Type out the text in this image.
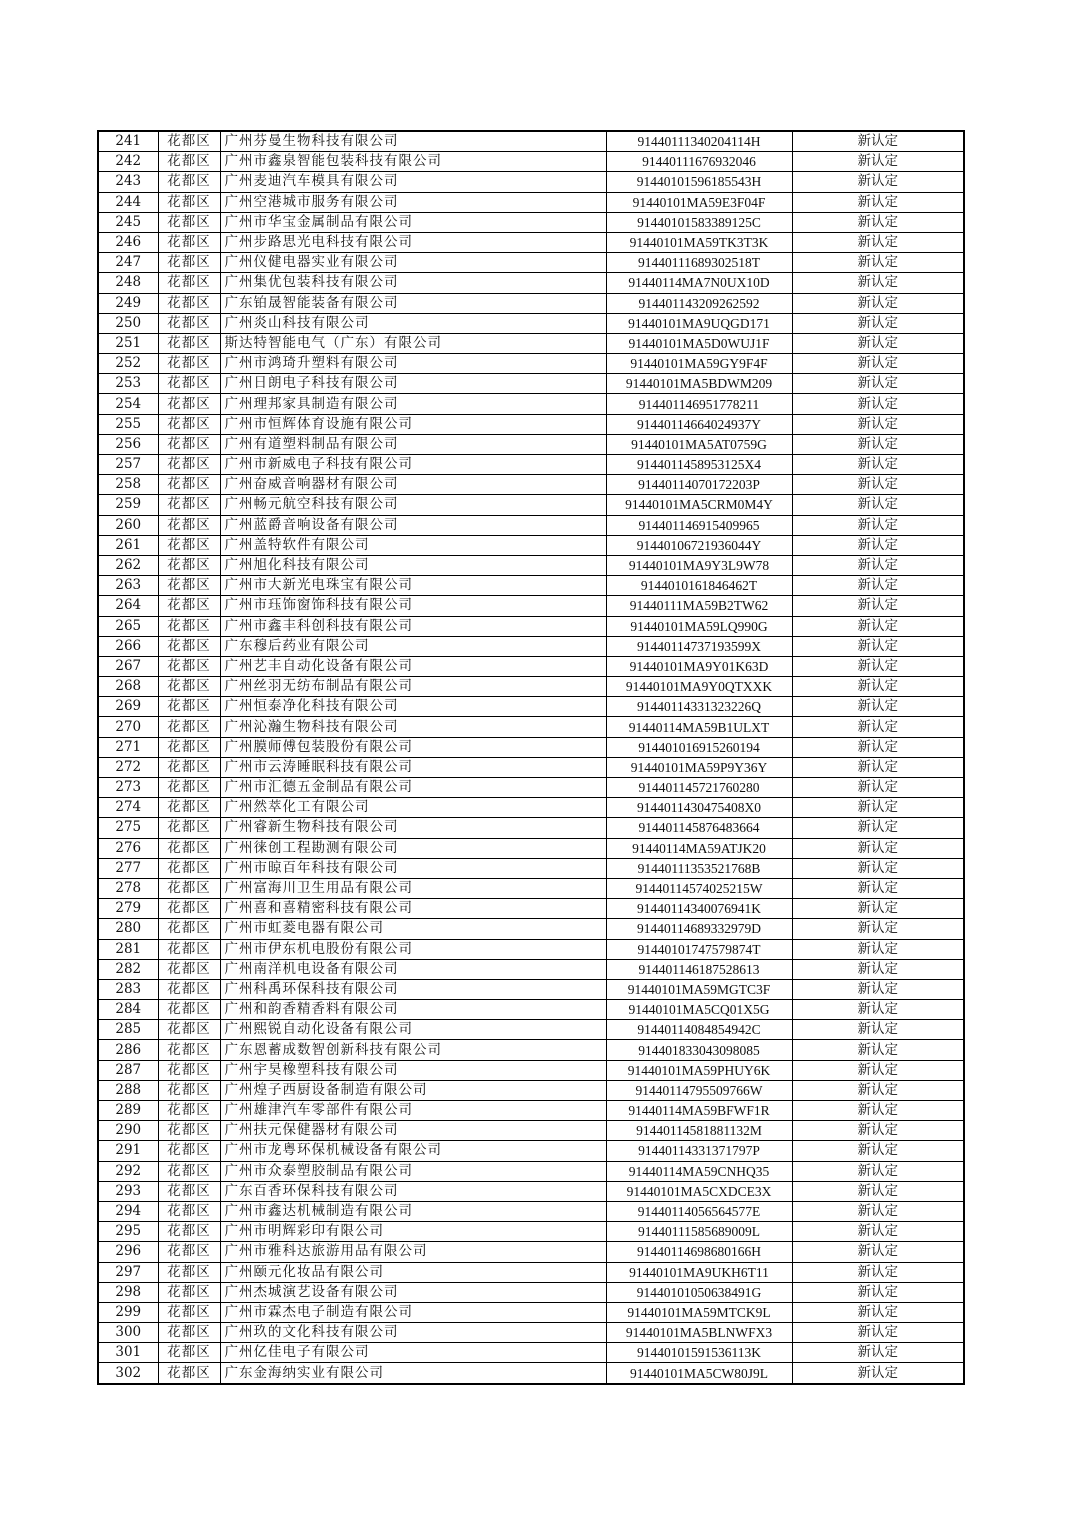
241	花都区	广州芬曼生物科技有限公司	91440111340204114H	新认定
242	花都区	广州市鑫泉智能包装科技有限公司	91440111676932046	新认定
243	花都区	广州麦迪汽车模具有限公司	91440101596185543H	新认定
244	花都区	广州空港城市服务有限公司	91440101MA59E3F04F	新认定
245	花都区	广州市华宝金属制品有限公司	91440101583389125C	新认定
246	花都区	广州步路思光电科技有限公司	91440101MA59TK3T3K	新认定
247	花都区	广州仪健电器实业有限公司	91440111689302518T	新认定
248	花都区	广州集优包装科技有限公司	91440114MA7N0UX10D	新认定
249	花都区	广东铂晟智能装备有限公司	91440114320926259​2	新认定
250	花都区	广州炎山科技有限公司	91440101MA9UQGD171	新认定
251	花都区	斯达特智能电气（广东）有限公司	91440101MA5D0WUJ1F	新认定
252	花都区	广州市鸿琦升塑料有限公司	91440101MA59GY9F4F	新认定
253	花都区	广州日朗电子科技有限公司	91440101MA5BDWM209	新认定
254	花都区	广州理邦家具制造有限公司	91440114695177821​1	新认定
255	花都区	广州市恒辉体育设施有限公司	91440114664024937Y	新认定
256	花都区	广州有道塑料制品有限公司	91440101MA5AT0759G	新认定
257	花都区	广州市新威电子科技有限公司	91440114589531​25X4	新认定
258	花都区	广州奋威音响器材有限公司	91440114070172203P	新认定
259	花都区	广州畅元航空科技有限公司	91440101MA5CRM0M4Y	新认定
260	花都区	广州蓝爵音响设备有限公司	91440114691540996​5	新认定
261	花都区	广州盖特软件有限公司	91440106721936044Y	新认定
262	花都区	广州旭化科技有限公司	91440101MA9Y3L9W78	新认定
263	花都区	广州市大新光电珠宝有限公司	91440101618464​62T	新认定
264	花都区	广州市珏饰窗饰科技有限公司	91440111MA59B2TW62	新认定
265	花都区	广州市鑫丰科创科技有限公司	91440101MA59LQ990G	新认定
266	花都区	广东穆后药业有限公司	91440114737193599X	新认定
267	花都区	广州艺丰自动化设备有限公司	91440101MA9Y01K63D	新认定
268	花都区	广州丝羽无纺布制品有限公司	91440101MA9Y0QTXXK	新认定
269	花都区	广州恒泰净化科技有限公司	91440114331323226Q	新认定
270	花都区	广州沁瀚生物科技有限公司	91440114MA59B1ULXT	新认定
271	花都区	广州膜师傅包装股份有限公司	91440101691526019​4	新认定
272	花都区	广州市云涛睡眠科技有限公司	91440101MA59P9Y36Y	新认定
273	花都区	广州市汇德五金制品有限公司	91440114572176028​0	新认定
274	花都区	广州然萃化工有限公司	9144011430475408X0	新认定
275	花都区	广州睿新生物科技有限公司	91440114587648366​4	新认定
276	花都区	广州徕创工程勘测有限公司	91440114MA59ATJK20	新认定
277	花都区	广州市晾百年科技有限公司	91440111353521768B	新认定
278	花都区	广州富海川卫生用品有限公司	91440114574025215W	新认定
279	花都区	广州喜和喜精密科技有限公司	91440114340076941K	新认定
280	花都区	广州市虹菱电器有限公司	91440114689332979D	新认定
281	花都区	广州市伊东机电股份有限公司	91440101747579874T	新认定
282	花都区	广州南洋机电设备有限公司	91440114618752861​3	新认定
283	花都区	广州科禹环保科技有限公司	91440101MA59MGTC3F	新认定
284	花都区	广州和韵香精香料有限公司	91440101MA5CQ01X5G	新认定
285	花都区	广州熙锐自动化设备有限公司	91440114084854942C	新认定
286	花都区	广东恩蓄成数智创新科技有限公司	91440183304309808​5	新认定
287	花都区	广州宇昊橡塑科技有限公司	91440101MA59PHUY6K	新认定
288	花都区	广州煌子西厨设备制造有限公司	91440114795509766W	新认定
289	花都区	广州雄津汽车零部件有限公司	91440114MA59BFWF1R	新认定
290	花都区	广州扶元保健器材有限公司	91440114581881132M	新认定
291	花都区	广州市龙粤环保机械设备有限公司	91440114331371797P	新认定
292	花都区	广州市众泰塑胶制品有限公司	91440114MA59CNHQ35	新认定
293	花都区	广东百香环保科技有限公司	91440101MA5CXDCE3X	新认定
294	花都区	广州市鑫达机械制造有限公司	91440114056564577E	新认定
295	花都区	广州市明辉彩印有限公司	91440111585689009L	新认定
296	花都区	广州市雅科达旅游用品有限公司	91440114698680166H	新认定
297	花都区	广州颐元化妆品有限公司	91440101MA9UKH6T11	新认定
298	花都区	广州杰城演艺设备有限公司	91440101050638491G	新认定
299	花都区	广州市霖杰电子制造有限公司	91440101MA59MTCK9L	新认定
300	花都区	广州玖的文化科技有限公司	91440101MA5BLNWFX3	新认定
301	花都区	广州亿佳电子有限公司	91440101591536113K	新认定
302	花都区	广东金海纳实业有限公司	91440101MA5CW80J9L	新认定
